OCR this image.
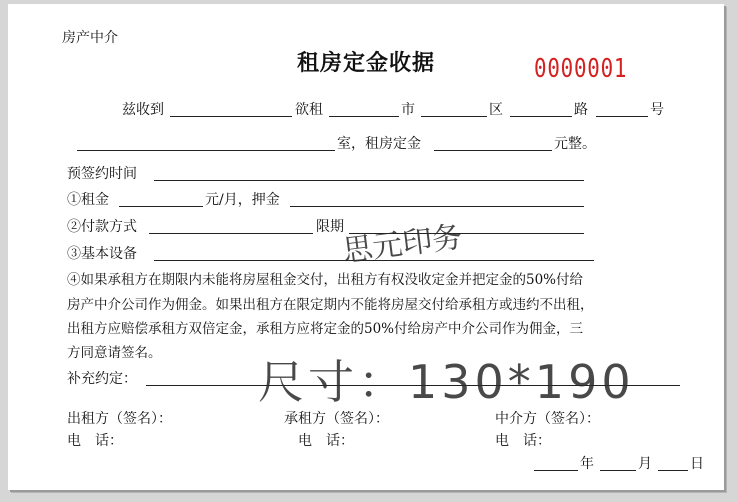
房产中介
租房定金收据	0000001
兹收到	欲租	市	区	路	号
室，租房定金	元整。
预签约时间
①租金	元/月，押金
②付款方式	限期
③基本设备
④如果承租方在期限内未能将房屋租金交付，出租方有权没收定金并把定金的50%付给
房产中介公司作为佣金。如果出租方在限定期内不能将房屋交付给承租方或违约不出租，
出租方应赔偿承租方双倍定金，承租方应将定金的50%付给房产中介公司作为佣金，三
方同意请签名。
补充约定：
出租方（签名）：	承租方（签名）：	中介方（签名）：
电　话：	电　话：	电　话：
年	月	日
思元印务
尺寸：130*190
